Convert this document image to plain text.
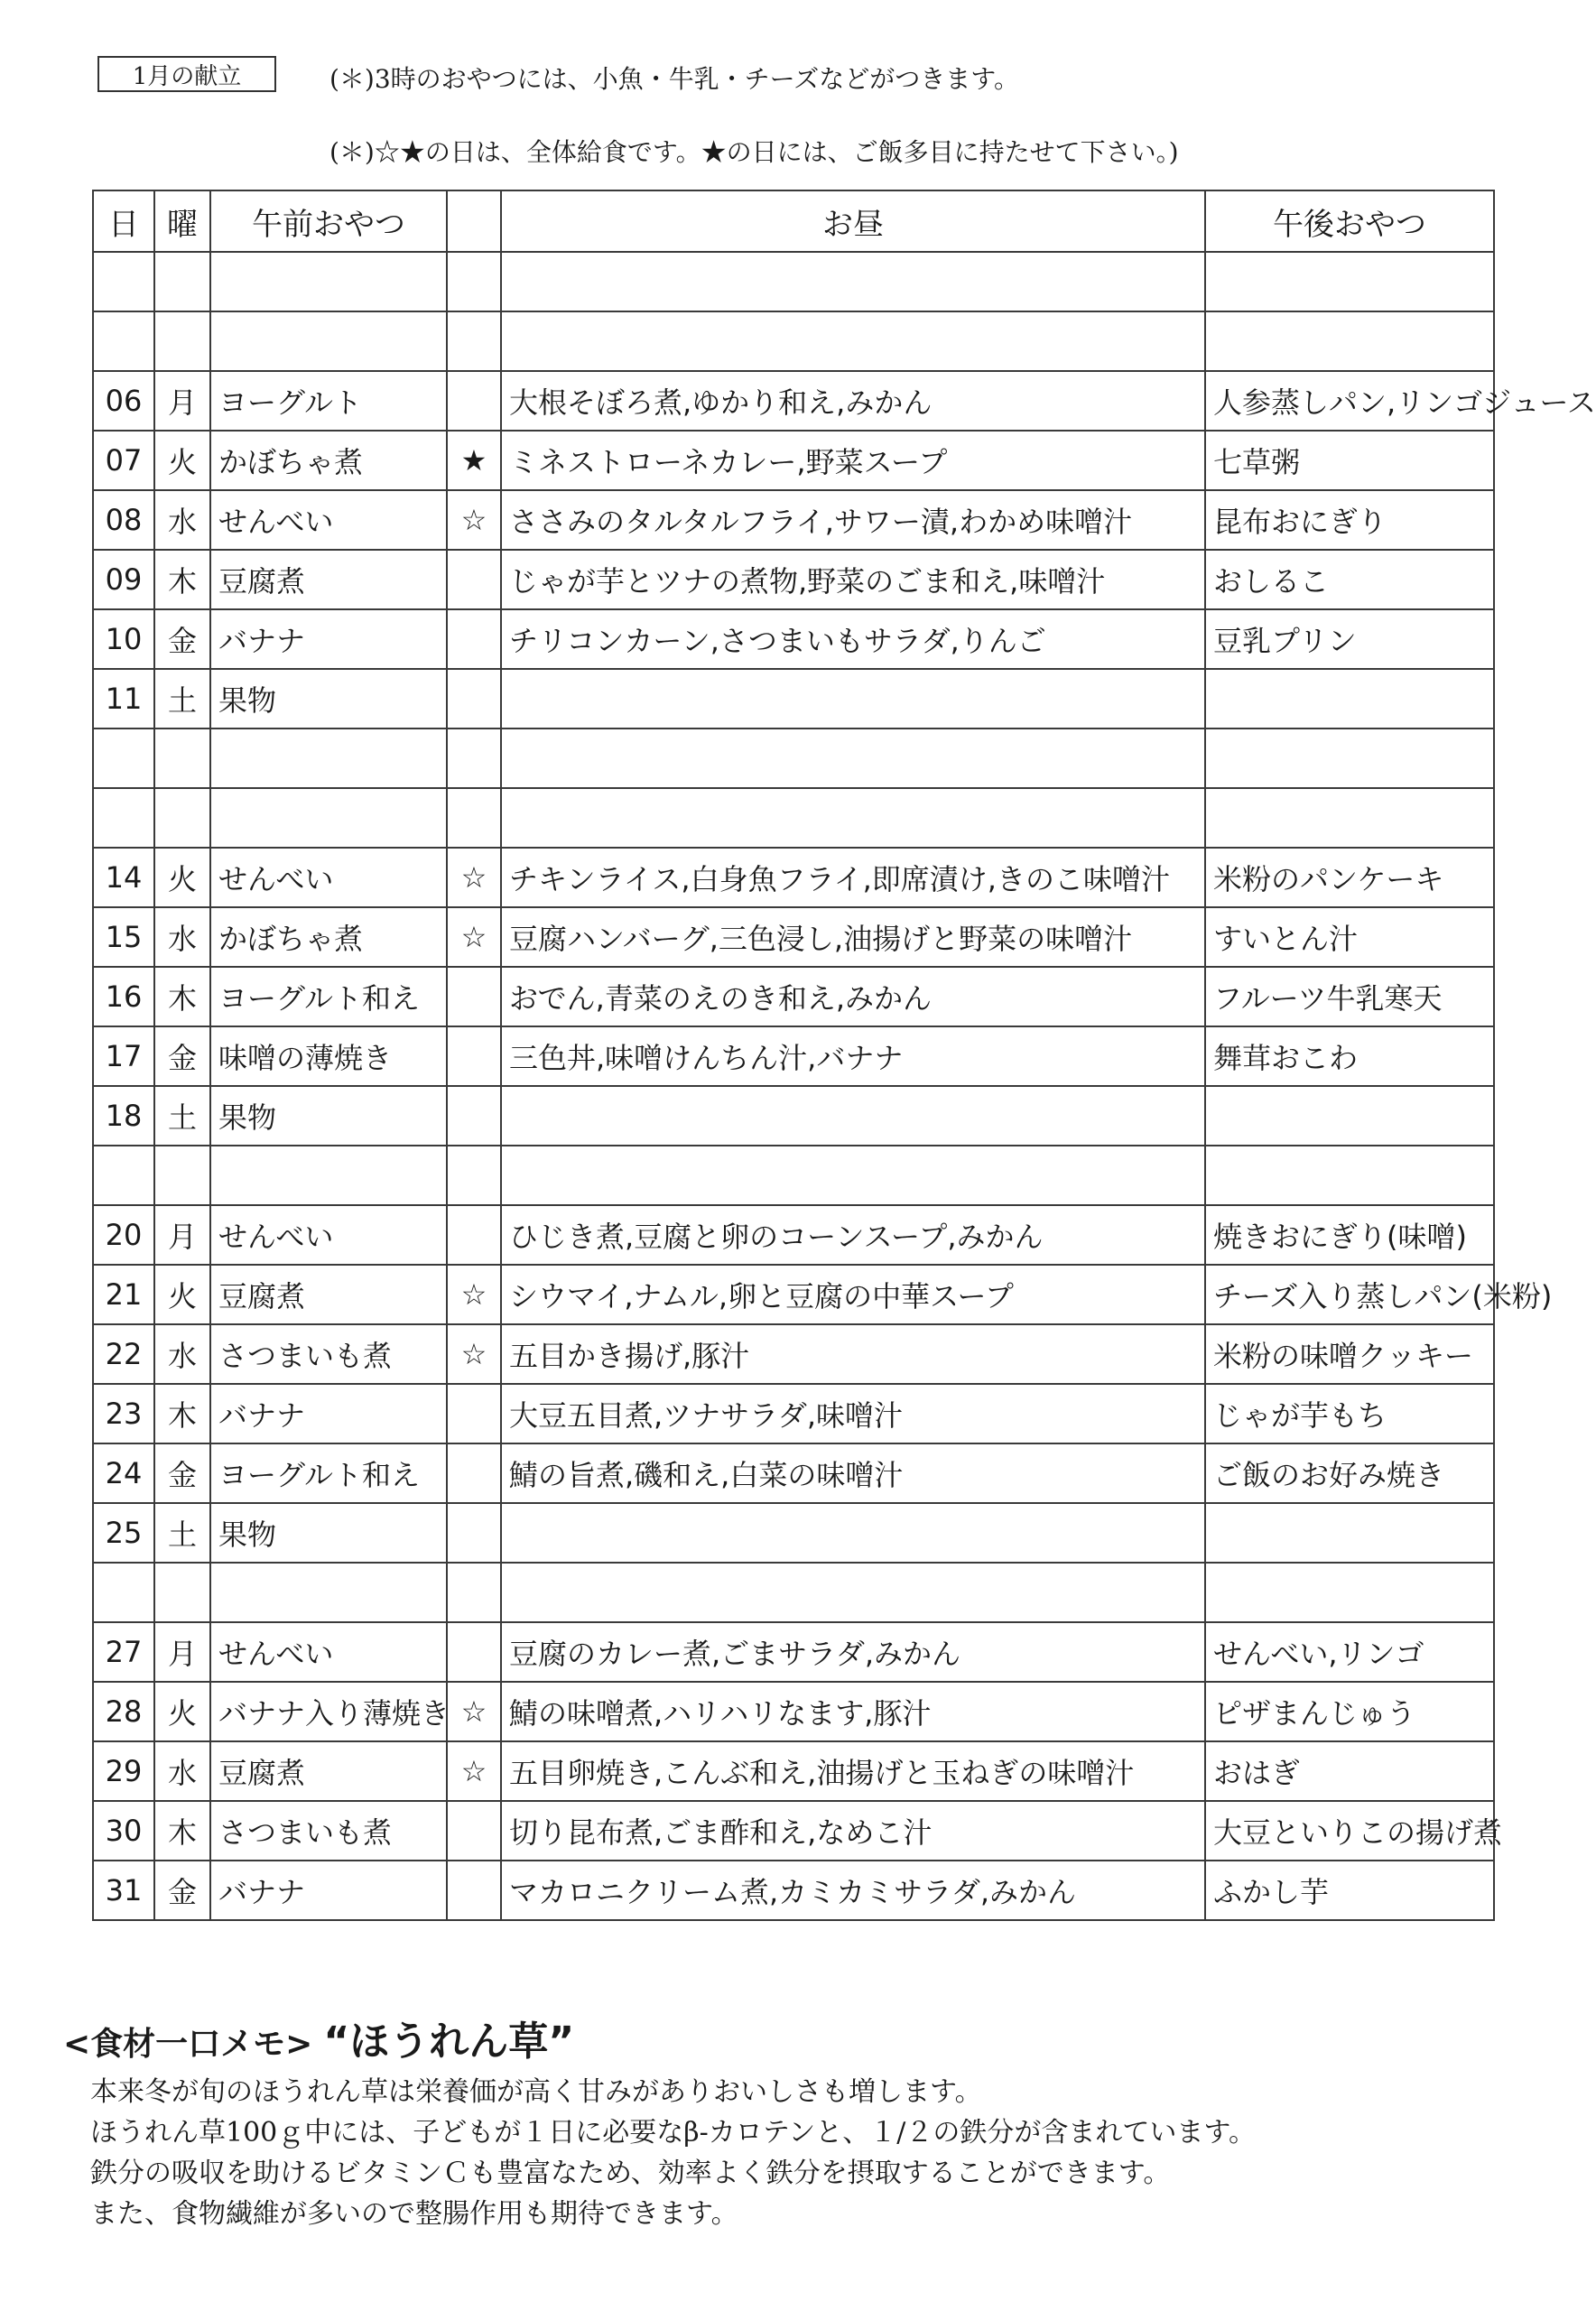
1月の献立	(＊)3時のおやつには、小魚・牛乳・チーズなどがつきます。
(＊)☆★の日は、全体給食です。★の日には、ご飯多目に持たせて下さい。)
日	曜	午前おやつ		お昼	午後おやつ

06	月	ヨーグルト		大根そぼろ煮,ゆかり和え,みかん	人参蒸しパン,リンゴジュース
07	火	かぼちゃ煮	★	ミネストローネカレー,野菜スープ	七草粥
08	水	せんべい	☆	ささみのタルタルフライ,サワー漬,わかめ味噌汁	昆布おにぎり
09	木	豆腐煮		じゃが芋とツナの煮物,野菜のごま和え,味噌汁	おしるこ
10	金	バナナ		チリコンカーン,さつまいもサラダ,りんご	豆乳プリン
11	土	果物			

14	火	せんべい	☆	チキンライス,白身魚フライ,即席漬け,きのこ味噌汁	米粉のパンケーキ
15	水	かぼちゃ煮	☆	豆腐ハンバーグ,三色浸し,油揚げと野菜の味噌汁	すいとん汁
16	木	ヨーグルト和え		おでん,青菜のえのき和え,みかん	フルーツ牛乳寒天
17	金	味噌の薄焼き		三色丼,味噌けんちん汁,バナナ	舞茸おこわ
18	土	果物			

20	月	せんべい		ひじき煮,豆腐と卵のコーンスープ,みかん	焼きおにぎり(味噌)
21	火	豆腐煮	☆	シウマイ,ナムル,卵と豆腐の中華スープ	チーズ入り蒸しパン(米粉)
22	水	さつまいも煮	☆	五目かき揚げ,豚汁	米粉の味噌クッキー
23	木	バナナ		大豆五目煮,ツナサラダ,味噌汁	じゃが芋もち
24	金	ヨーグルト和え		鯖の旨煮,磯和え,白菜の味噌汁	ご飯のお好み焼き
25	土	果物			

27	月	せんべい		豆腐のカレー煮,ごまサラダ,みかん	せんべい,リンゴ
28	火	バナナ入り薄焼き	☆	鯖の味噌煮,ハリハリなます,豚汁	ピザまんじゅう
29	水	豆腐煮	☆	五目卵焼き,こんぶ和え,油揚げと玉ねぎの味噌汁	おはぎ
30	木	さつまいも煮		切り昆布煮,ごま酢和え,なめこ汁	大豆といりこの揚げ煮
31	金	バナナ		マカロニクリーム煮,カミカミサラダ,みかん	ふかし芋
<食材一口メモ> “ほうれん草”
本来冬が旬のほうれん草は栄養価が高く甘みがありおいしさも増します。
ほうれん草100ｇ中には、子どもが１日に必要なβ-カロテンと、１/２の鉄分が含まれています。
鉄分の吸収を助けるビタミンＣも豊富なため、効率よく鉄分を摂取することができます。
また、食物繊維が多いので整腸作用も期待できます。
